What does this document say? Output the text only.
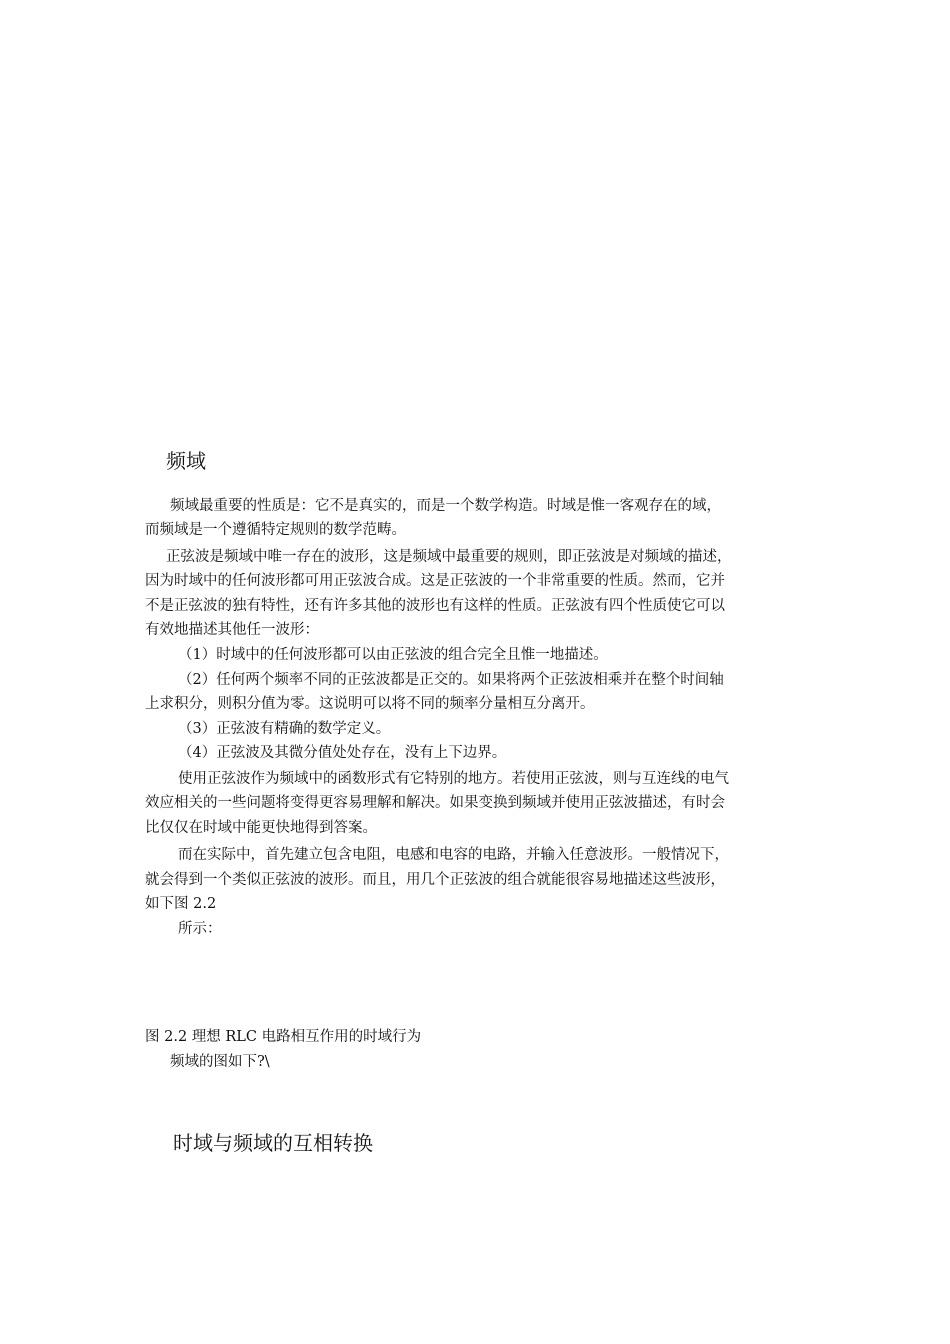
频域
频域最重要的性质是：它不是真实的，而是一个数学构造。时域是惟一客观存在的域，
而频域是一个遵循特定规则的数学范畴。
正弦波是频域中唯一存在的波形，这是频域中最重要的规则，即正弦波是对频域的描述，
因为时域中的任何波形都可用正弦波合成。这是正弦波的一个非常重要的性质。然而，它并
不是正弦波的独有特性，还有许多其他的波形也有这样的性质。正弦波有四个性质使它可以
有效地描述其他任一波形：
（1）时域中的任何波形都可以由正弦波的组合完全且惟一地描述。
（2）任何两个频率不同的正弦波都是正交的。如果将两个正弦波相乘并在整个时间轴
上求积分，则积分值为零。这说明可以将不同的频率分量相互分离开。
（3）正弦波有精确的数学定义。
（4）正弦波及其微分值处处存在，没有上下边界。
使用正弦波作为频域中的函数形式有它特别的地方。若使用正弦波，则与互连线的电气
效应相关的一些问题将变得更容易理解和解决。如果变换到频域并使用正弦波描述，有时会
比仅仅在时域中能更快地得到答案。
而在实际中，首先建立包含电阻，电感和电容的电路，并输入任意波形。一般情况下，
就会得到一个类似正弦波的波形。而且，用几个正弦波的组合就能很容易地描述这些波形，
如下图 2.2
所示：
图 2.2 理想 RLC 电路相互作用的时域行为
频域的图如下?\
时域与频域的互相转换
